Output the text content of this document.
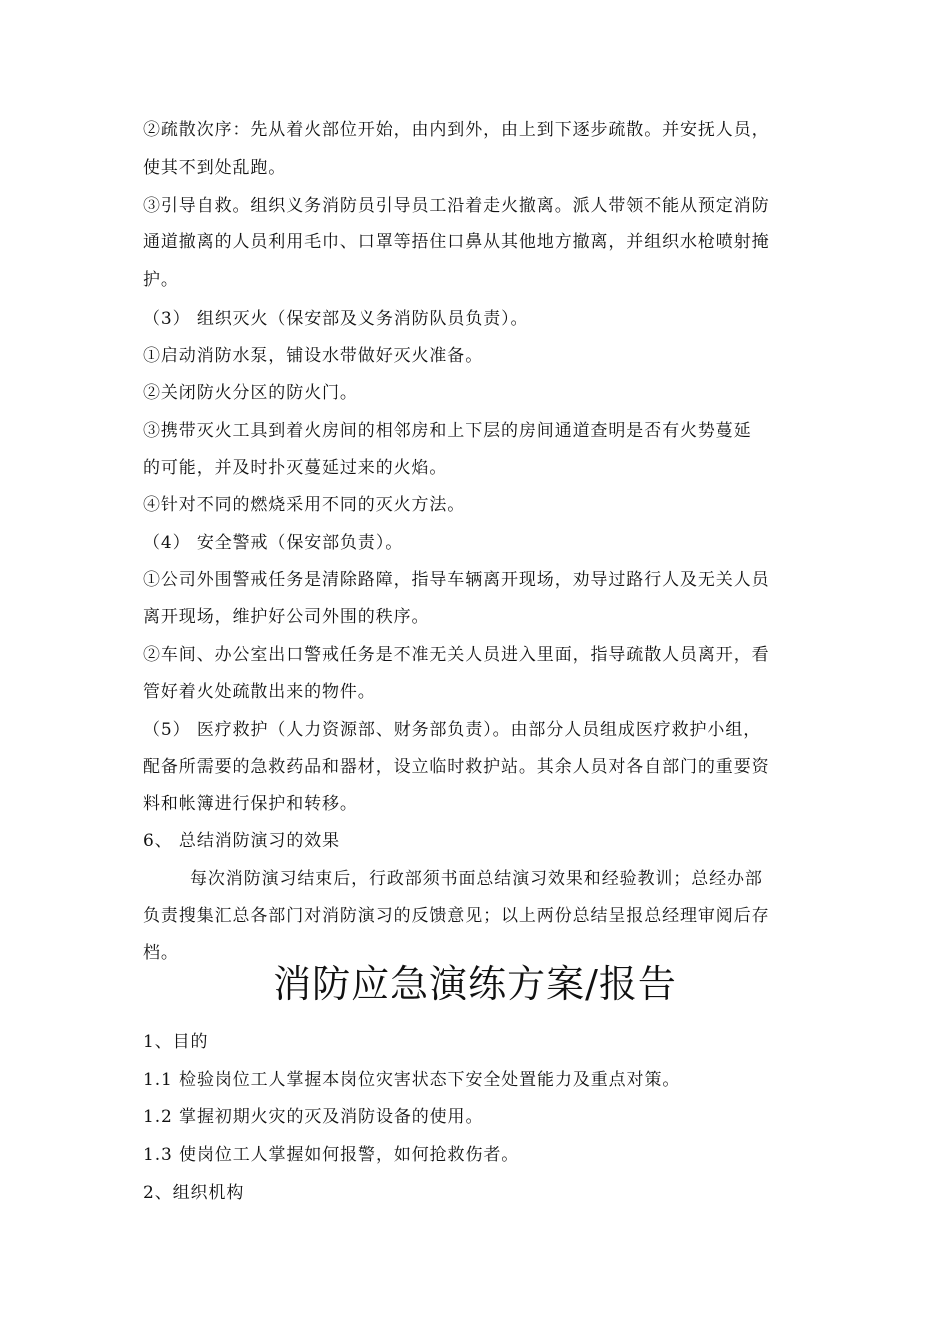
②疏散次序：先从着火部位开始，由内到外，由上到下逐步疏散。并安抚人员，
使其不到处乱跑。
③引导自救。组织义务消防员引导员工沿着走火撤离。派人带领不能从预定消防
通道撤离的人员利用毛巾、口罩等捂住口鼻从其他地方撤离，并组织水枪喷射掩
护。
（3） 组织灭火（保安部及义务消防队员负责）。
①启动消防水泵，铺设水带做好灭火准备。
②关闭防火分区的防火门。
③携带灭火工具到着火房间的相邻房和上下层的房间通道查明是否有火势蔓延
的可能，并及时扑灭蔓延过来的火焰。
④针对不同的燃烧采用不同的灭火方法。
（4） 安全警戒（保安部负责）。
①公司外围警戒任务是清除路障，指导车辆离开现场，劝导过路行人及无关人员
离开现场，维护好公司外围的秩序。
②车间、办公室出口警戒任务是不准无关人员进入里面，指导疏散人员离开，看
管好着火处疏散出来的物件。
（5） 医疗救护（人力资源部、财务部负责）。由部分人员组成医疗救护小组，
配备所需要的急救药品和器材，设立临时救护站。其余人员对各自部门的重要资
料和帐簿进行保护和转移。
6、 总结消防演习的效果
每次消防演习结束后，行政部须书面总结演习效果和经验教训；总经办部
负责搜集汇总各部门对消防演习的反馈意见；以上两份总结呈报总经理审阅后存
档。
消防应急演练方案/报告
1、目的
1.1 检验岗位工人掌握本岗位灾害状态下安全处置能力及重点对策。
1.2 掌握初期火灾的灭及消防设备的使用。
1.3 使岗位工人掌握如何报警，如何抢救伤者。
2、组织机构
